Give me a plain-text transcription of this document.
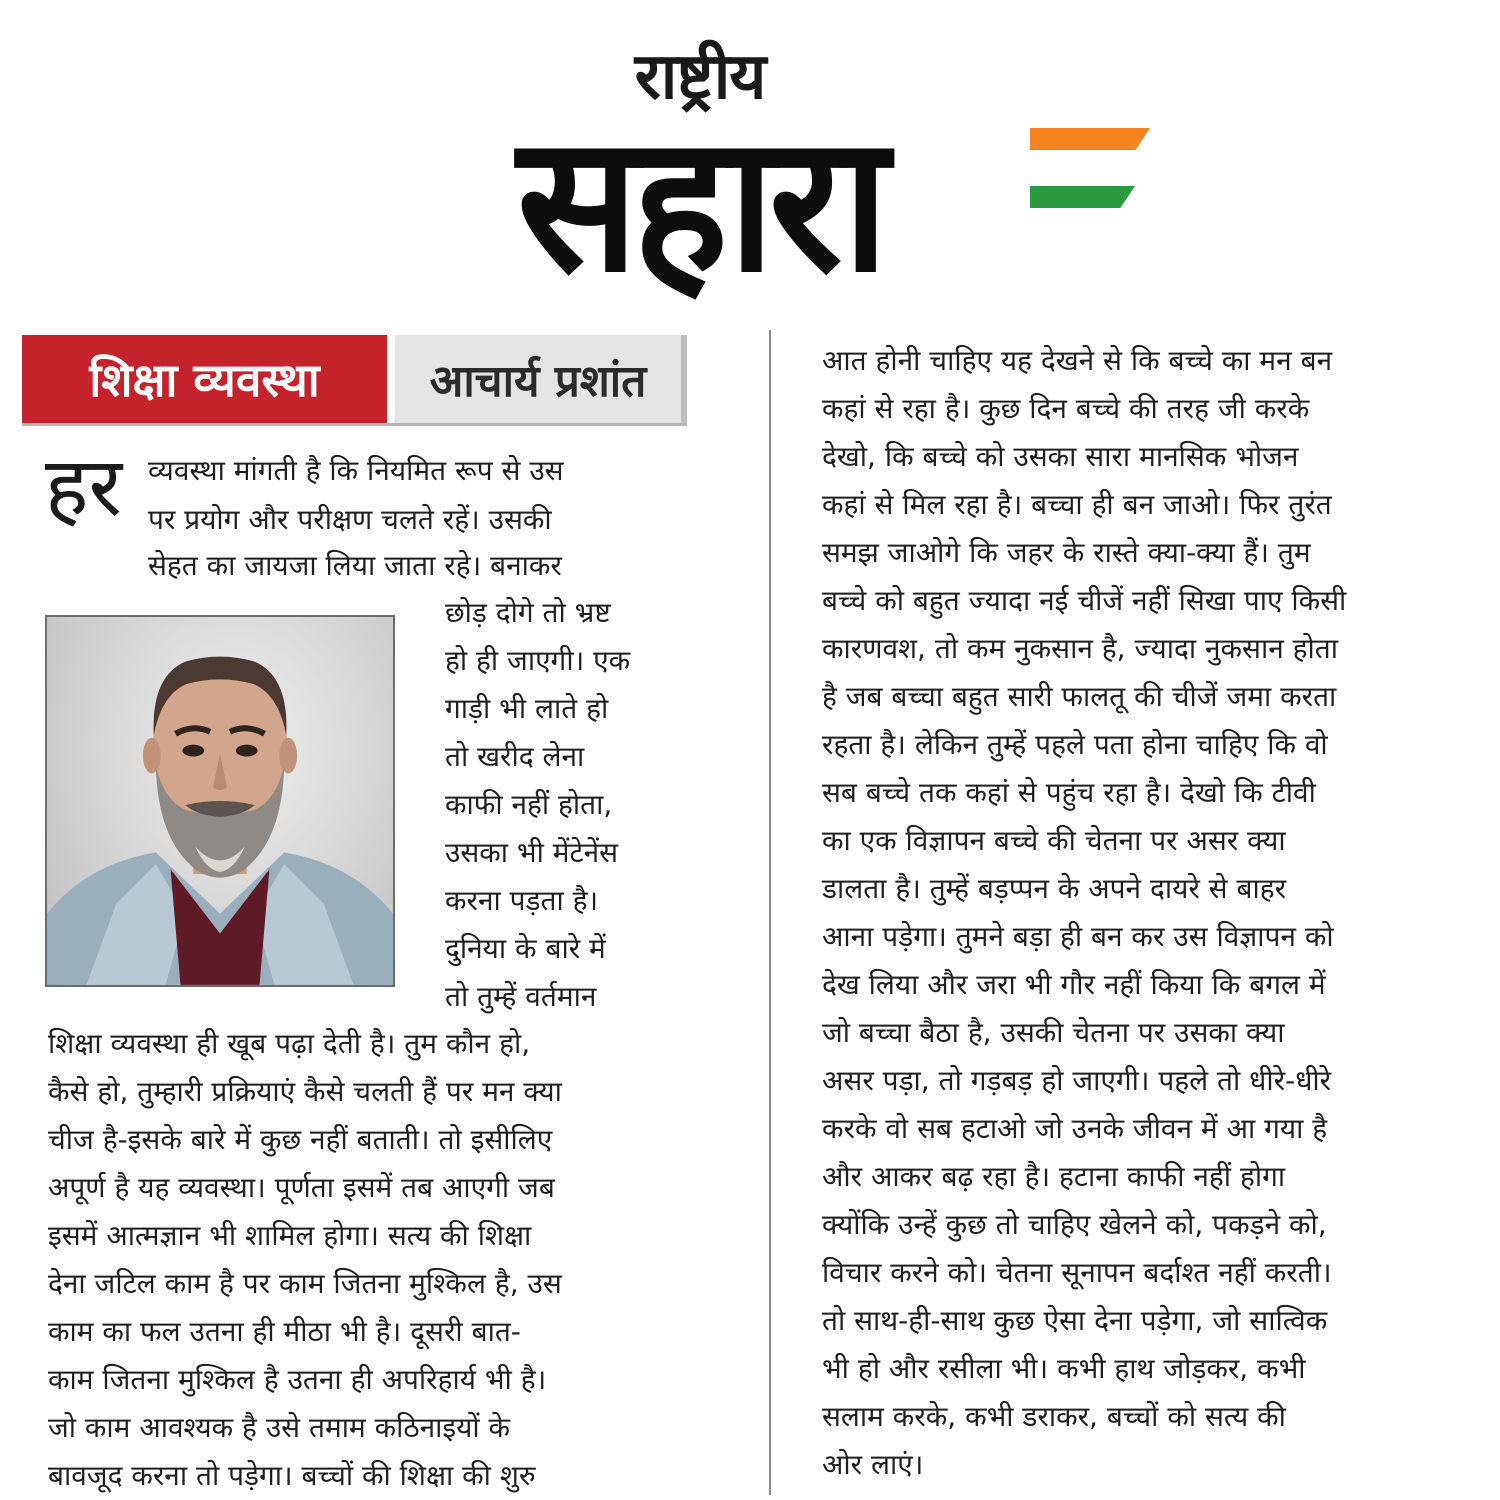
राष्ट्रीय
सहारा
शिक्षा व्यवस्था	आचार्य प्रशांत
हर व्यवस्था मांगती है कि नियमित रूप से उस
पर प्रयोग और परीक्षण चलते रहें। उसकी
सेहत का जायजा लिया जाता रहे। बनाकर
छोड़ दोगे तो भ्रष्ट
हो ही जाएगी। एक
गाड़ी भी लाते हो
तो खरीद लेना
काफी नहीं होता,
उसका भी मेंटेनेंस
करना पड़ता है।
दुनिया के बारे में
तो तुम्हें वर्तमान
शिक्षा व्यवस्था ही खूब पढ़ा देती है। तुम कौन हो,
कैसे हो, तुम्हारी प्रक्रियाएं कैसे चलती हैं पर मन क्या
चीज है-इसके बारे में कुछ नहीं बताती। तो इसीलिए
अपूर्ण है यह व्यवस्था। पूर्णता इसमें तब आएगी जब
इसमें आत्मज्ञान भी शामिल होगा। सत्य की शिक्षा
देना जटिल काम है पर काम जितना मुश्किल है, उस
काम का फल उतना ही मीठा भी है। दूसरी बात-
काम जितना मुश्किल है उतना ही अपरिहार्य भी है।
जो काम आवश्यक है उसे तमाम कठिनाइयों के
बावजूद करना तो पड़ेगा। बच्चों की शिक्षा की शुरु
आत होनी चाहिए यह देखने से कि बच्चे का मन बन
कहां से रहा है। कुछ दिन बच्चे की तरह जी करके
देखो, कि बच्चे को उसका सारा मानसिक भोजन
कहां से मिल रहा है। बच्चा ही बन जाओ। फिर तुरंत
समझ जाओगे कि जहर के रास्ते क्या-क्या हैं। तुम
बच्चे को बहुत ज्यादा नई चीजें नहीं सिखा पाए किसी
कारणवश, तो कम नुकसान है, ज्यादा नुकसान होता
है जब बच्चा बहुत सारी फालतू की चीजें जमा करता
रहता है। लेकिन तुम्हें पहले पता होना चाहिए कि वो
सब बच्चे तक कहां से पहुंच रहा है। देखो कि टीवी
का एक विज्ञापन बच्चे की चेतना पर असर क्या
डालता है। तुम्हें बड़प्पन के अपने दायरे से बाहर
आना पड़ेगा। तुमने बड़ा ही बन कर उस विज्ञापन को
देख लिया और जरा भी गौर नहीं किया कि बगल में
जो बच्चा बैठा है, उसकी चेतना पर उसका क्या
असर पड़ा, तो गड़बड़ हो जाएगी। पहले तो धीरे-धीरे
करके वो सब हटाओ जो उनके जीवन में आ गया है
और आकर बढ़ रहा है। हटाना काफी नहीं होगा
क्योंकि उन्हें कुछ तो चाहिए खेलने को, पकड़ने को,
विचार करने को। चेतना सूनापन बर्दाश्त नहीं करती।
तो साथ-ही-साथ कुछ ऐसा देना पड़ेगा, जो सात्विक
भी हो और रसीला भी। कभी हाथ जोड़कर, कभी
सलाम करके, कभी डराकर, बच्चों को सत्य की
ओर लाएं।
